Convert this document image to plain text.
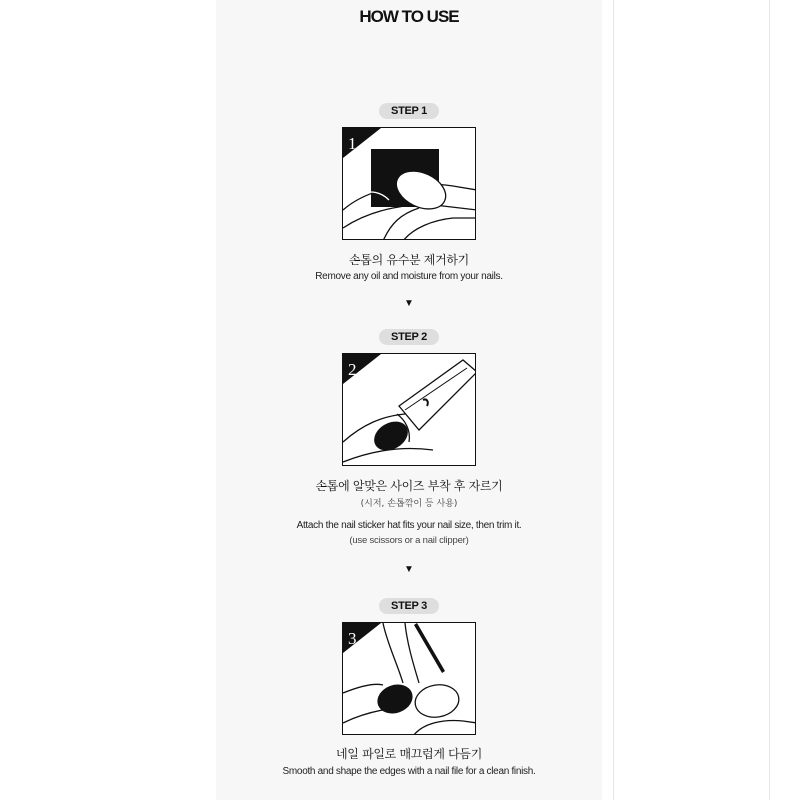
HOW TO USE
STEP 1
1
손톱의 유수분 제거하기
Remove any oil and moisture from your nails.
▼
STEP 2
2
손톱에 알맞은 사이즈 부착 후 자르기
(시저, 손톱깎이 등 사용)
Attach the nail sticker hat fits your nail size, then trim it.
(use scissors or a nail clipper)
▼
STEP 3
3
네일 파일로 매끄럽게 다듬기
Smooth and shape the edges with a nail file for a clean finish.
